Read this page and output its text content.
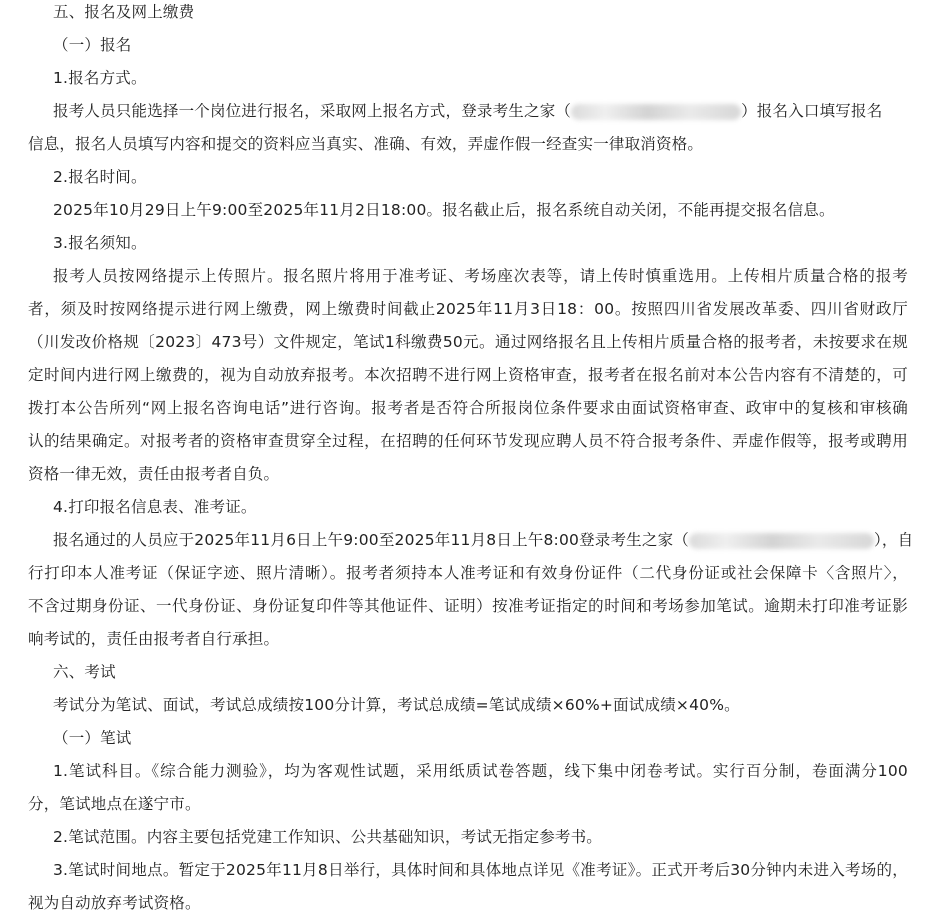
五、报名及网上缴费
（一）报名
1.报名方式。
报考人员只能选择一个岗位进行报名，采取网上报名方式，登录考生之家（	）报名入口填写报名
信息，报名人员填写内容和提交的资料应当真实、准确、有效，弄虚作假一经查实一律取消资格。
2.报名时间。
2025年10月29日上午9:00至2025年11月2日18:00。报名截止后，报名系统自动关闭，不能再提交报名信息。
3.报名须知。
报考人员按网络提示上传照片。报名照片将用于准考证、考场座次表等，请上传时慎重选用。上传相片质量合格的报考
者，须及时按网络提示进行网上缴费，网上缴费时间截止2025年11月3日18：00。按照四川省发展改革委、四川省财政厅
（川发改价格规〔2023〕473号）文件规定，笔试1科缴费50元。通过网络报名且上传相片质量合格的报考者，未按要求在规
定时间内进行网上缴费的，视为自动放弃报考。本次招聘不进行网上资格审查，报考者在报名前对本公告内容有不清楚的，可
拨打本公告所列“网上报名咨询电话”进行咨询。报考者是否符合所报岗位条件要求由面试资格审查、政审中的复核和审核确
认的结果确定。对报考者的资格审查贯穿全过程，在招聘的任何环节发现应聘人员不符合报考条件、弄虚作假等，报考或聘用
资格一律无效，责任由报考者自负。
4.打印报名信息表、准考证。
报名通过的人员应于2025年11月6日上午9:00至2025年11月8日上午8:00登录考生之家（	），自
行打印本人准考证（保证字迹、照片清晰）。报考者须持本人准考证和有效身份证件（二代身份证或社会保障卡〈含照片〉，
不含过期身份证、一代身份证、身份证复印件等其他证件、证明）按准考证指定的时间和考场参加笔试。逾期未打印准考证影
响考试的，责任由报考者自行承担。
六、考试
考试分为笔试、面试，考试总成绩按100分计算，考试总成绩=笔试成绩×60%+面试成绩×40%。
（一）笔试
1.笔试科目。《综合能力测验》，均为客观性试题，采用纸质试卷答题，线下集中闭卷考试。实行百分制，卷面满分100
分，笔试地点在遂宁市。
2.笔试范围。内容主要包括党建工作知识、公共基础知识，考试无指定参考书。
3.笔试时间地点。暂定于2025年11月8日举行，具体时间和具体地点详见《准考证》。正式开考后30分钟内未进入考场的，
视为自动放弃考试资格。
